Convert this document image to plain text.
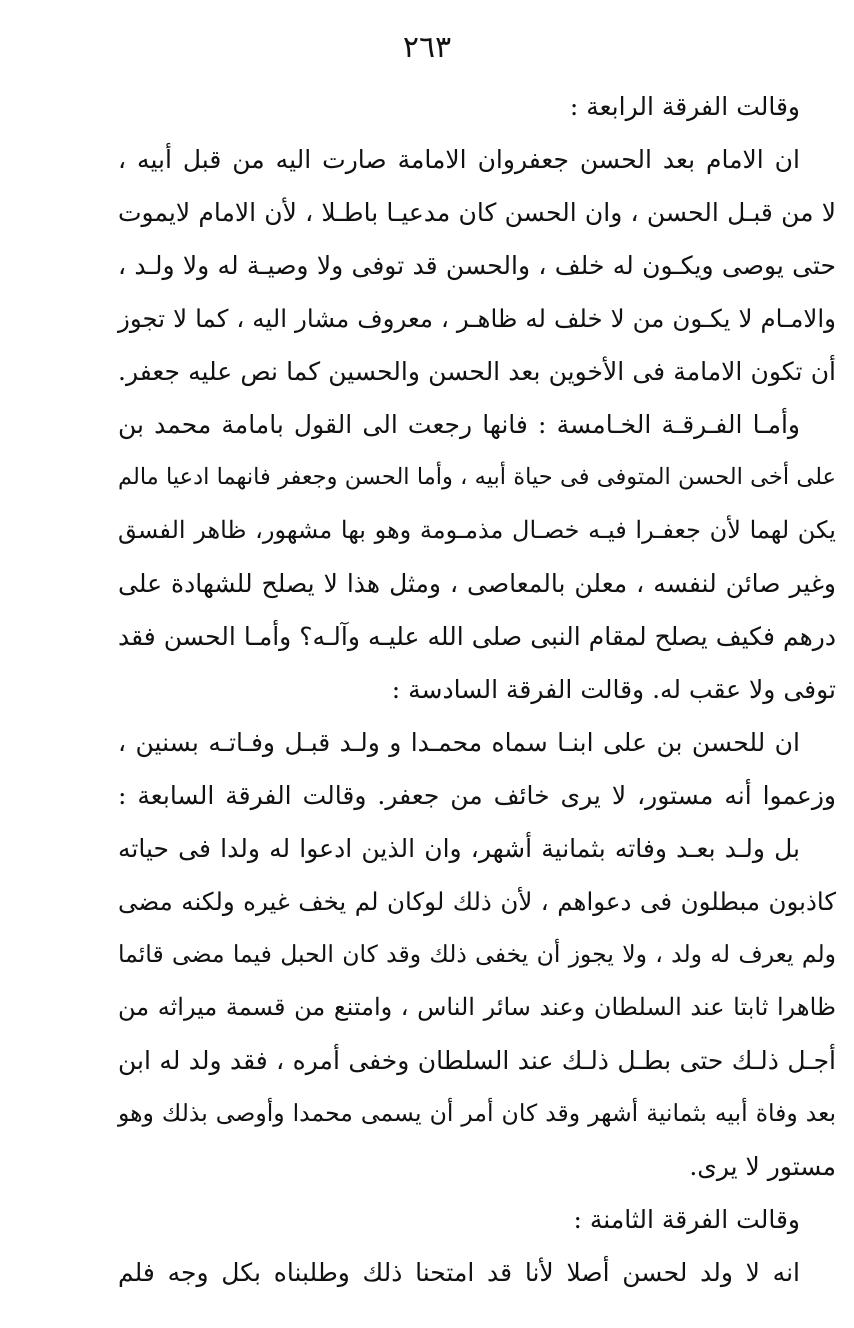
٢٦٣
وقالت الفرقة الرابعة :
ان الامام بعد الحسن جعفروان الامامة صارت اليه من قبل أبيه ،
لا من قبـل الحسن ، وان الحسن كان مدعيـا باطـلا ، لأن الامام لايموت
حتى يوصى ويكـون له خلف ، والحسن قد توفى ولا وصيـة له ولا ولـد ،
والامـام لا يكـون من لا خلف له ظاهـر ، معروف مشار اليه ، كما لا تجوز
أن تكون الامامة فى الأخوين بعد الحسن والحسين كما نص عليه جعفر.
وأمـا الفـرقـة الخـامسة : فانها رجعت الى القول بامامة محمد بن
على أخى الحسن المتوفى فى حياة أبيه ، وأما الحسن وجعفر فانهما ادعيا مالم
يكن لهما لأن جعفـرا فيـه خصـال مذمـومة وهو بها مشهور، ظاهر الفسق
وغير صائن لنفسه ، معلن بالمعاصى ، ومثل هذا لا يصلح للشهادة على
درهم فكيف يصلح لمقام النبى صلى الله عليـه وآلـه؟ وأمـا الحسن فقد
توفى ولا عقب له. وقالت الفرقة السادسة :
ان للحسن بن على ابنـا سماه محمـدا و ولـد قبـل وفـاتـه بسنين ،
وزعموا أنه مستور، لا يرى خائف من جعفر. وقالت الفرقة السابعة :
بل ولـد بعـد وفاته بثمانية أشهر، وان الذين ادعوا له ولدا فى حياته
كاذبون مبطلون فى دعواهم ، لأن ذلك لوكان لم يخف غيره ولكنه مضى
ولم يعرف له ولد ، ولا يجوز أن يخفى ذلك وقد كان الحبل فيما مضى قائما
ظاهرا ثابتا عند السلطان وعند سائر الناس ، وامتنع من قسمة ميراثه من
أجـل ذلـك حتى بطـل ذلـك عند السلطان وخفى أمره ، فقد ولد له ابن
بعد وفاة أبيه بثمانية أشهر وقد كان أمر أن يسمى محمدا وأوصى بذلك وهو
مستور لا يرى.
وقالت الفرقة الثامنة :
انه لا ولد لحسن أصلا لأنا قد امتحنا ذلك وطلبناه بكل وجه فلم
